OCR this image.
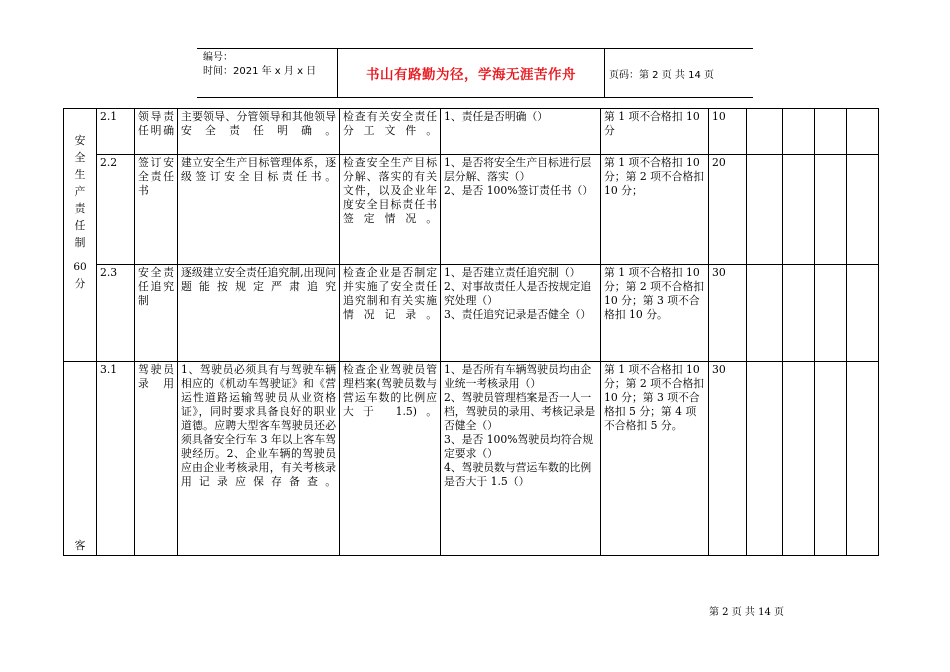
编号：
时间：2021 年 x 月 x 日	书山有路勤为径，学海无涯苦作舟	页码：第 2 页 共 14 页
安全生产责任制
60 分	2.1	领导责任明确	主要领导、分管领导和其他领导安全责任明确。	检查有关安全责任分工文件。	1、责任是否明确（）	第 1 项不合格扣 10 分	10				
	2.2	签订安全责任书	建立安全生产目标管理体系，逐级签订安全目标责任书。	检查安全生产目标分解、落实的有关文件，以及企业年度安全目标责任书签定情况。	1、是否将安全生产目标进行层层分解、落实（）
2、是否 100%签订责任书（）	第 1 项不合格扣 10 分；第 2 项不合格扣 10 分；	20				
	2.3	安全责任追究制	逐级建立安全责任追究制,出现问题能按规定严肃追究	检查企业是否制定并实施了安全责任追究制和有关实施情况记录。	1、是否建立责任追究制（）
2、对事故责任人是否按规定追究处理（）
3、责任追究记录是否健全（）	第 1 项不合格扣 10 分；第 2 项不合格扣 10 分；第 3 项不合格扣 10 分。	30				

客	3.1	驾驶员录用	1、驾驶员必须具有与驾驶车辆相应的《机动车驾驶证》和《营运性道路运输驾驶员从业资格证》，同时要求具备良好的职业道德。应聘大型客车驾驶员还必须具备安全行车 3 年以上客车驾驶经历。2、企业车辆的驾驶员应由企业考核录用，有关考核录用记录应保存备查。	检查企业驾驶员管理档案(驾驶员数与营运车数的比例应大于 1.5)。	1、是否所有车辆驾驶员均由企业统一考核录用（）
2、驾驶员管理档案是否一人一档，驾驶员的录用、考核记录是否健全（）
3、是否 100%驾驶员均符合规定要求（）
4、驾驶员数与营运车数的比例是否大于 1.5（）	第 1 项不合格扣 10 分；第 2 项不合格扣 10 分；第 3 项不合格扣 5 分；第 4 项不合格扣 5 分。	30				
第 2 页 共 14 页
